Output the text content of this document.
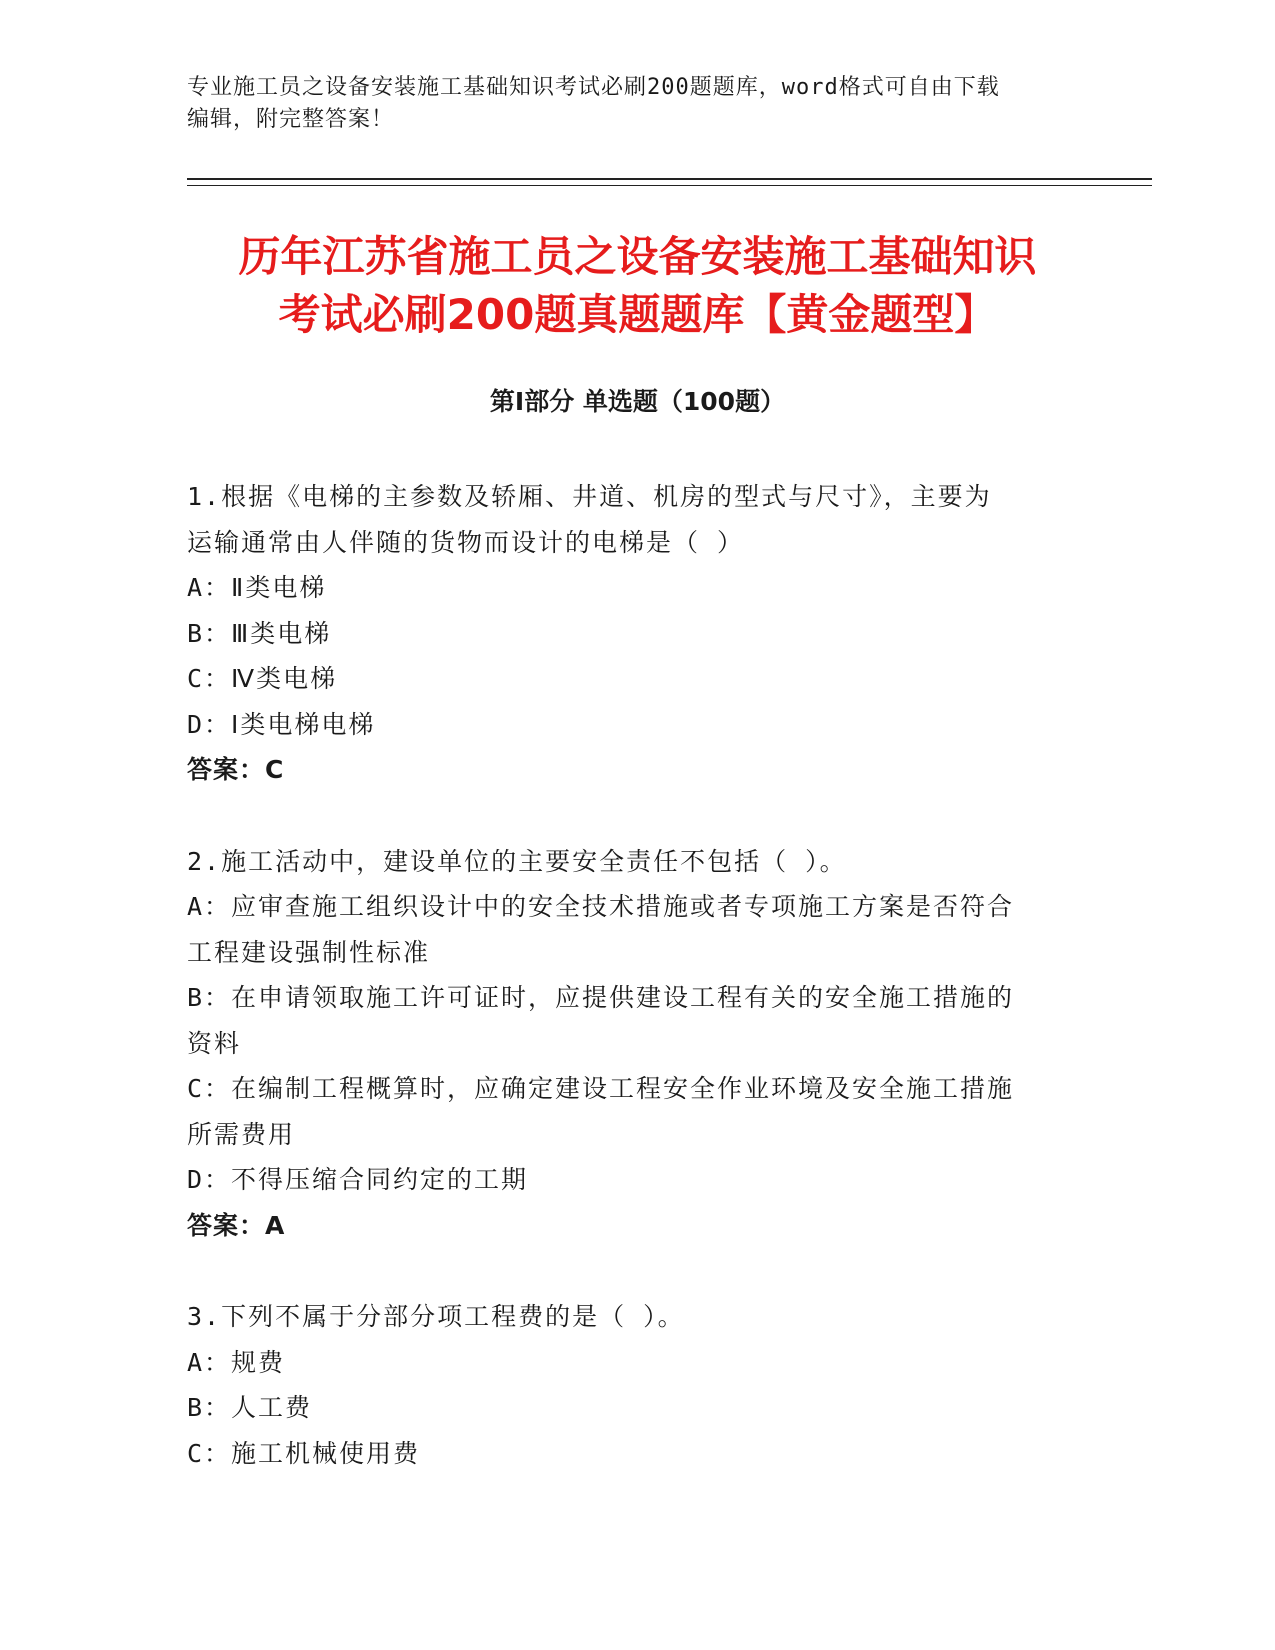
专业施工员之设备安装施工基础知识考试必刷200题题库，word格式可自由下载
编辑，附完整答案！
历年江苏省施工员之设备安装施工基础知识
考试必刷200题真题题库【黄金题型】
第Ⅰ部分 单选题（100题）

1.根据《电梯的主参数及轿厢、井道、机房的型式与尺寸》，主要为

运输通常由人伴随的货物而设计的电梯是（ ）

A：Ⅱ类电梯

B：Ⅲ类电梯

C：Ⅳ类电梯

D：Ⅰ类电梯电梯

答案：C

2.施工活动中，建设单位的主要安全责任不包括（ ）。

A：应审查施工组织设计中的安全技术措施或者专项施工方案是否符合

工程建设强制性标准

B：在申请领取施工许可证时，应提供建设工程有关的安全施工措施的

资料

C：在编制工程概算时，应确定建设工程安全作业环境及安全施工措施

所需费用

D：不得压缩合同约定的工期

答案：A

3.下列不属于分部分项工程费的是（ ）。

A：规费

B：人工费

C：施工机械使用费
